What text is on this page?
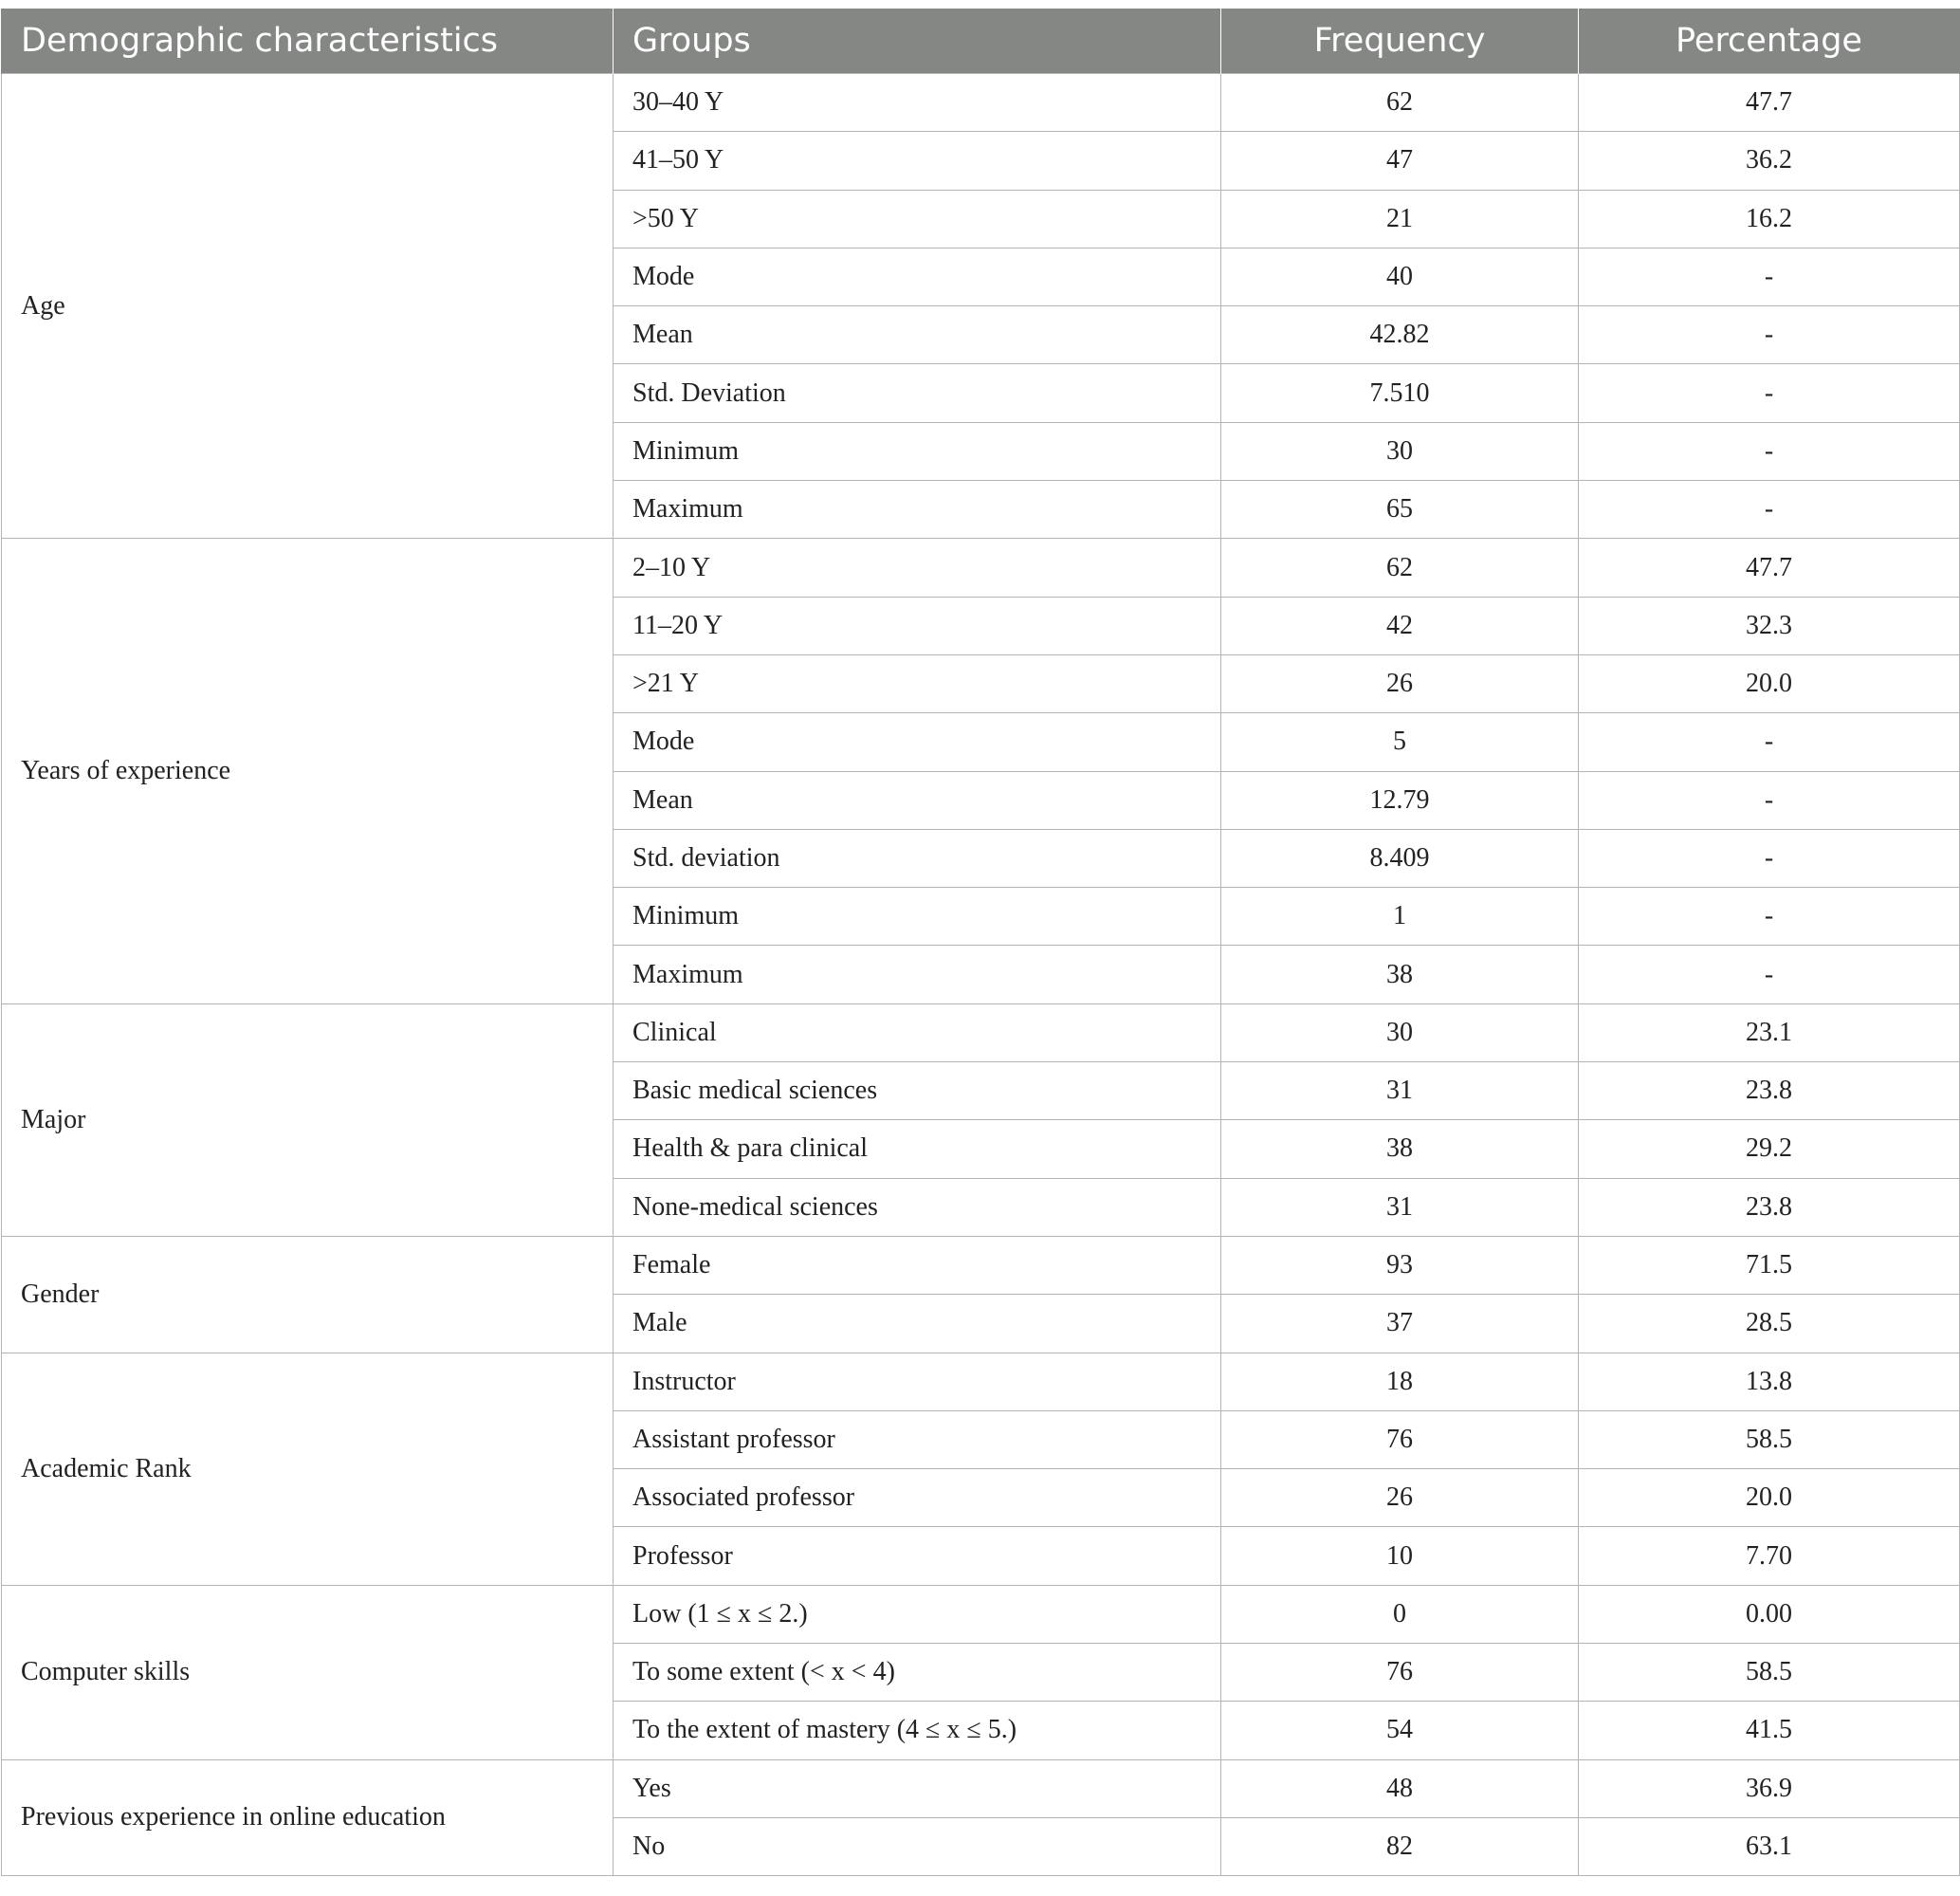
Demographic characteristics	Groups	Frequency	Percentage
Age	30–40 Y	62	47.7
	41–50 Y	47	36.2
	>50 Y	21	16.2
	Mode	40	-
	Mean	42.82	-
	Std. Deviation	7.510	-
	Minimum	30	-
	Maximum	65	-
Years of experience	2–10 Y	62	47.7
	11–20 Y	42	32.3
	>21 Y	26	20.0
	Mode	5	-
	Mean	12.79	-
	Std. deviation	8.409	-
	Minimum	1	-
	Maximum	38	-
Major	Clinical	30	23.1
	Basic medical sciences	31	23.8
	Health & para clinical	38	29.2
	None-medical sciences	31	23.8
Gender	Female	93	71.5
	Male	37	28.5
Academic Rank	Instructor	18	13.8
	Assistant professor	76	58.5
	Associated professor	26	20.0
	Professor	10	7.70
Computer skills	Low (1 ≤ x ≤ 2.)	0	0.00
	To some extent (< x < 4)	76	58.5
	To the extent of mastery (4 ≤ x ≤ 5.)	54	41.5
Previous experience in online education	Yes	48	36.9
	No	82	63.1
